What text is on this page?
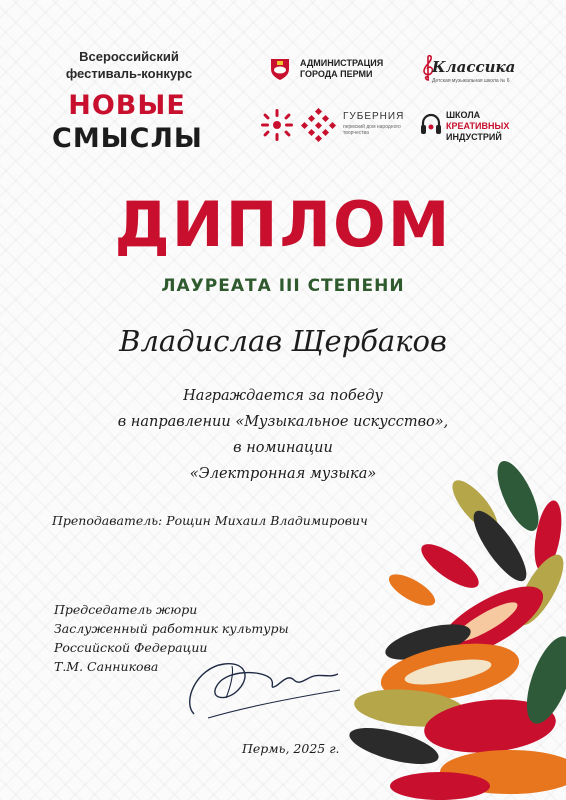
Всероссийский
фестиваль-конкурс
НОВЫЕ
СМЫСЛЫ
АДМИНИСТРАЦИЯ
ГОРОДА ПЕРМИ	Классика
Детская музыкальная школа № 6
ГУБЕРНИЯ
пермский дом народного творчества
ШКОЛА
КРЕАТИВНЫХ
ИНДУСТРИЙ
ДИПЛОМ
ЛАУРЕАТА III СТЕПЕНИ
Владислав Щербаков
Награждается за победу
в направлении «Музыкальное искусство»,
в номинации
«Электронная музыка»
Преподаватель: Рощин Михаил Владимирович
Председатель жюри
Заслуженный работник культуры
Российской Федерации
Т.М. Санникова
Пермь, 2025 г.
